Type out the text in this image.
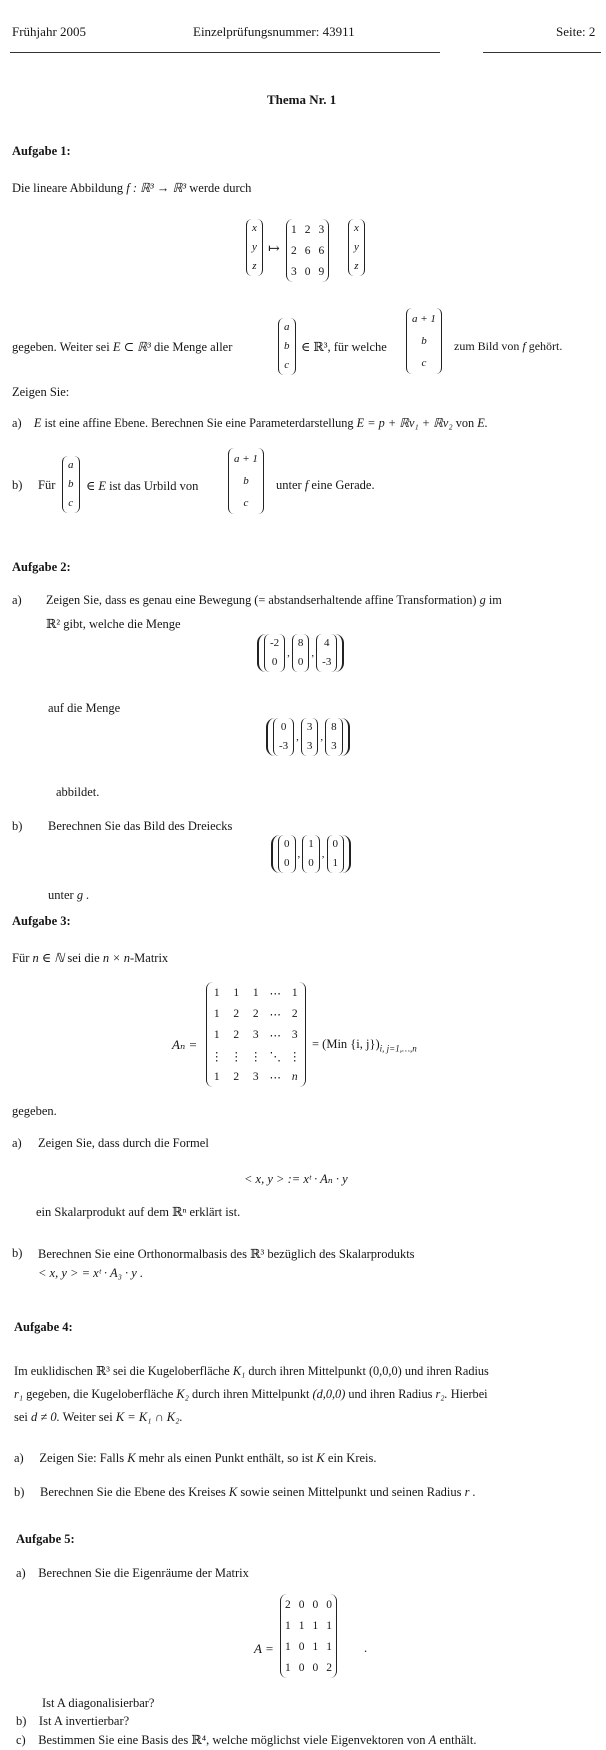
Frühjahr 2005	Einzelprüfungsnummer: 43911	Seite: 2
Thema Nr. 1
Aufgabe 1:
Die lineare Abbildung f : ℝ³ → ℝ³ werde durch
x
y
z
↦
1	2	3
2	6	6
3	0	9
x
y
z
gegeben. Weiter sei E ⊂ ℝ³ die Menge aller
a
b
c
∈ ℝ³, für welche
a + 1
b
c
zum Bild von f gehört.
Zeigen Sie:
a) E ist eine affine Ebene. Berechnen Sie eine Parameterdarstellung E = p + ℝv₁ + ℝv₂ von E.
b) Für
a
b
c
∈ E ist das Urbild von
a + 1
b
c
unter f eine Gerade.
Aufgabe 2:
a) Zeigen Sie, dass es genau eine Bewegung (= abstandserhaltende affine Transformation) g im
ℝ² gibt, welche die Menge
-2
0
,
8
0
,
4
-3
auf die Menge
0
-3
,
3
3
,
8
3
abbildet.
b) Berechnen Sie das Bild des Dreiecks
0
0
,
1
0
,
0
1
unter g .
Aufgabe 3:
Für n ∈ ℕ sei die n × n-Matrix
Aₙ =
1	1	1	⋯	1
1	2	2	⋯	2
1	2	3	⋯	3
⋮	⋮	⋮	⋱	⋮
1	2	3	⋯	n
= (Min {i, $j\})_{i, j=1,\dots,n}$
gegeben.
a) Zeigen Sie, dass durch die Formel
< x, y > := xᵗ · Aₙ · y
ein Skalarprodukt auf dem ℝⁿ erklärt ist.
b) Berechnen Sie eine Orthonormalbasis des ℝ³ bezüglich des Skalarprodukts
< x, y > = xᵗ · A₃ · y .
Aufgabe 4:
Im euklidischen ℝ³ sei die Kugeloberfläche K₁ durch ihren Mittelpunkt (0,0,0) und ihren Radius
r₁ gegeben, die Kugeloberfläche K₂ durch ihren Mittelpunkt (d,0,0) und ihren Radius r₂. Hierbei
sei d ≠ 0. Weiter sei K = K₁ ∩ K₂.
a) Zeigen Sie: Falls K mehr als einen Punkt enthält, so ist K ein Kreis.
b) Berechnen Sie die Ebene des Kreises K sowie seinen Mittelpunkt und seinen Radius r .
Aufgabe 5:
a) Berechnen Sie die Eigenräume der Matrix
A =
2	0	0	0
1	1	1	1
1	0	1	1
1	0	0	2
.
Ist A diagonalisierbar?
b) Ist A invertierbar?
c) Bestimmen Sie eine Basis des ℝ⁴, welche möglichst viele Eigenvektoren von A enthält.
